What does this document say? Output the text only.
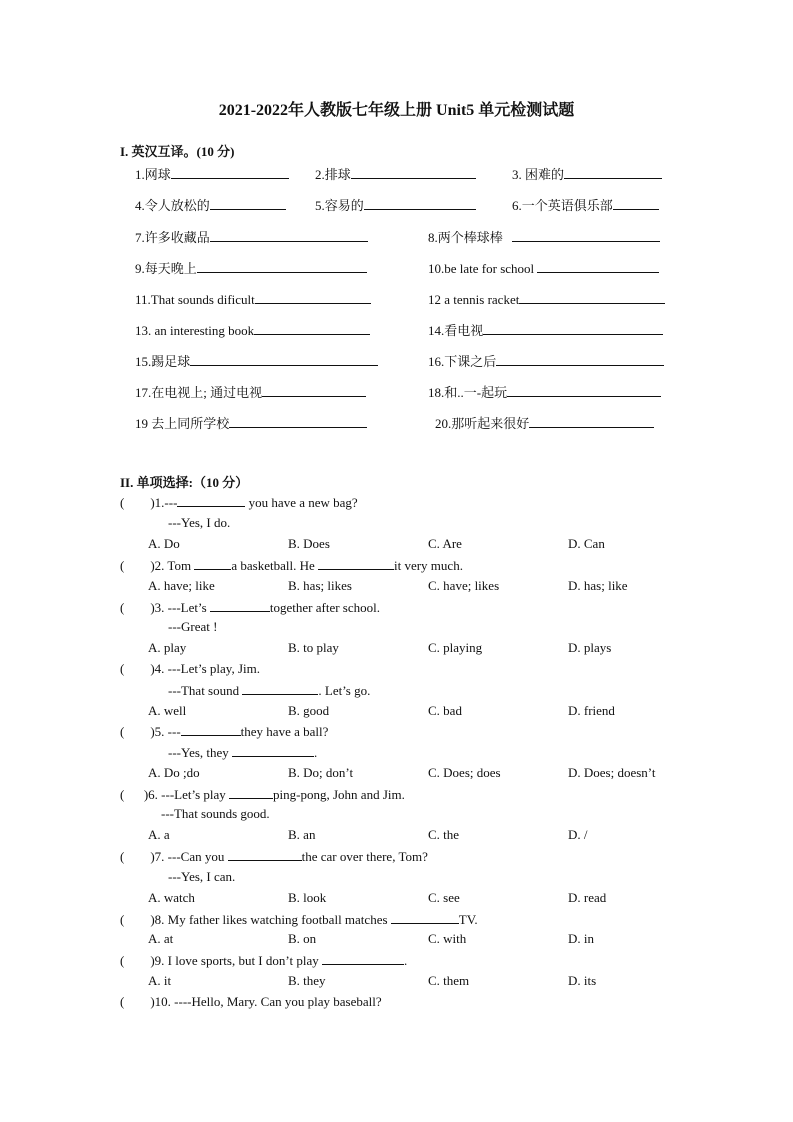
2021-2022年人教版七年级上册 Unit5 单元检测试题
I. 英汉互译。(10 分)
1.网球	2.排球	3. 困难的
4.令人放松的	5.容易的	6.一个英语俱乐部
7.许多收藏品	8.两个棒球棒
9.每天晚上	10.be late for school
11.That sounds dificult	12 a tennis racket
13. an interesting book	14.看电视
15.踢足球	16.下课之后
17.在电视上; 通过电视	18.和..一-起玩
19 去上同所学校	20.那听起来很好
II. 单项选择:（10 分）
(        )1.---	you have a new bag?
---Yes, I do.
A. Do	B. Does	C. Are	D. Can
(        )2. Tom	a basketball. He	it very much.
A. have; like	B. has; likes	C. have; likes	D. has; like
(        )3. ---Let’s	together after school.
---Great !
A. play	B. to play	C. playing	D. plays
(        )4. ---Let’s play, Jim.
---That sound	. Let’s go.
A. well	B. good	C. bad	D. friend
(        )5. ---	they have a ball?
---Yes, they	.
A. Do ;do	B. Do; don’t	C. Does; does	D. Does; doesn’t
(      )6. ---Let’s play	ping-pong, John and Jim.
---That sounds good.
A. a	B. an	C. the	D. /
(        )7. ---Can you	the car over there, Tom?
---Yes, I can.
A. watch	B. look	C. see	D. read
(        )8. My father likes watching football matches	TV.
A. at	B. on	C. with	D. in
(        )9. I love sports, but I don’t play	.
A. it	B. they	C. them	D. its
(        )10. ----Hello, Mary. Can you play baseball?
